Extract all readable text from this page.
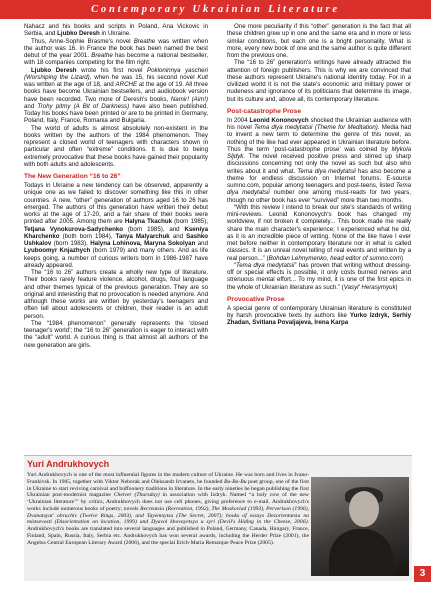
Contemporary Ukrainian Literature

Nahacz and his books and scripts in Poland, Ana Vickovic in Serbia, and Ljubko Deresh in Ukraine.

Thus, Anne-Sophie Brasme's novel Breathe was written when the author was 16. In France the book has been named the best debut of the year 2001. Breathe has become a national bestseller, with 18 companies competing for the film right.

Ljubko Deresh wrote his first novel Pokloninnya yascheri (Worshiping the Lizard), when he was 15, his second novel Kult was written at the age of 18, and ARCHE at the age of 19. All three books have become Ukrainian bestsellers, and audiobook version have been recorded. Two more of Deresh's books, Namir! (Aim!) and Trohy pitmy (A Bit of Darkness) have also been published. Today his books have been printed or are to be printed in Germany, Poland, Italy, France, Romania and Bulgaria.

The world of adults is almost absolutely non-existent in the books written by the authors of the 1984 phenomenon. They represent a closed world of teenagers with characters shown in particular and often “extreme” conditions. It is due to being extremely provocative that these books have gained their popularity with both adults and adolescents.

The New Generation “16 to 26”

Todays in Ukraine a new tendency can be observed, apparently a unique one as we failed to discover something like this in other countries. A new, “other” generation of authors aged 16 to 26 has emerged. The authors of this generation have written their debut works at the age of 17-20, and a fair share of their books were printed after 2005. Among them are Halyna Tkachuk (born 1985), Tetjana Vynokurova-Sadychenko (born 1985), and Kseniya Kharchenko (both born 1984), Tanya Malyarchuk and Sashko Ushkalov (born 1983), Halyna Lohinova, Maryna Sokolyan and Lyuboomyr Knjazhych (born 1979) and many others. And as life keeps going, a number of curious writers born in 1986-1987 have already appeared.

The “16 to 26” authors create a wholly new type of literature. Their books rarely feature violence, alcohol, drugs, foul language and other themes typical of the previous generation. They are so original and interesting that no provocation is needed anymore. And although these works are written by yesterday's teenagers and often tell about adolescents or children, their reader is an adult person.

The “1984 phenomenon” generally represents the ‘closed teenager's world’; the “16 to 26” generation is eager to interact with the “adult” world. A curious thing is that almost all authors of the new generation are girls.

One more peculiarity if this “other” generation is the fact that all these children grew up in one and the same era and in more or less similar conditions, but each one is a bright personality. What is more, every new book of one and the same author is quite different from the previous one.

The “16 to 26” generation's writings have already attracted the attention of foreign publishers. This is why we are convinced that these authors represent Ukraine's national identity today. For in a civilized world it is not the state's economic and military power or nudeness and ignorance of its politicians that determine its image, but its culture and, above all, its contemporary literature.

Post-catastrophe Prose

In 2004 Leonid Kononovych shocked the Ukrainian audience with his novel Tema dlya medytatsii (Theme for Meditation). Media had to invent a new term to determine the genre of this novel, as nothing of the like had ever appeared in Ukrainian literature before. Thus the term ‘post-catastrophe prose’ was coined by Mykola Sljdyk. The novel received positive press and stirred up sharp discussions concerning not only the novel as such but also who writes about it and what. Tema dlya medytatsii has also become a theme for endless discussion on Internet forums. E-source sumno.com, popular among teenagers and post-teens, listed Tema dlya medytatsii number one among must-reads for two years, though no other book has ever “survived” more than two months.

“With this review I intend to break our site's standards of writing mini-reviews. Leonid Kononovych's book has changed my worldview, if not broken it completely... This book made me really share the main character's experience; I experienced what he did, as it is an incredible piece of writing. None of the like have I ever met before neither in contemporary literature nor in what is called classics. It is an unreal novel telling of real events and written by a real person...” (Bohdan Lehnymenko, head editor of sumno.com)

“Tema dlya medytatsii” has proven that writing without dressing-off or special effects is possible, it only costs burned nerves and strenuous mental effort... To my mind, it is one of the first epics in the whole of Ukrainian literature as such.” (Vasyl' Herasymyuk)

Provocative Prose

A special genre of contemporary Ukrainian literature is constituted by harsh provocative texts by authors like Yurko Izdryk, Serhiy Zhadan, Svitlana Povaljajeva, Irena Karpa

Yuri Andrukhovych
Yuri Andrukhovych is one of the most influential figures in the modern culture of Ukraine. He was born and lives in Ivano-Frankivsk. In 1985, together with Viktor Neborak and Oleksandr Irvanets, he founded Bu-Ba-Bu poet group, one of the first in Ukraine to start reviving carnival and buffoonery traditions in literature. In the early nineties he began publishing the first Ukrainian post-modernist magazine Chetver (Thursday) in association with Izdryk. Named “a holy cow of the new ‘Ukrainian literature’” by critics, Andrukhovych does not use cell phones, giving preference to e-mail. Andrukhovych's works include numerous books of poetry; novels Recreatsia (Recreation, 1992), The Moskoviad (1993), Perverison (1996), Dvanatsyat' obruchiv (Twelve Rings, 2003), and Tayemnytsa (The Secret, 2007); books of essays Dezorientatsia na mistsevosti (Disorientation on location, 1999) and Dyavol khovayetsya u syri (Devil's Hiding in the Cheese, 2006). Andrukhovych's books are translated into several languages and published in Poland, Germany, Canada, Hungary, France, Finland, Spain, Russia, Italy, Serbia etc. Andrukhovych has won several awards, including the Herder Prize (2001), the Angelus Central European Literary Award (2006), and the special Erich-Maria Remarque Peace Prize (2005).
3
